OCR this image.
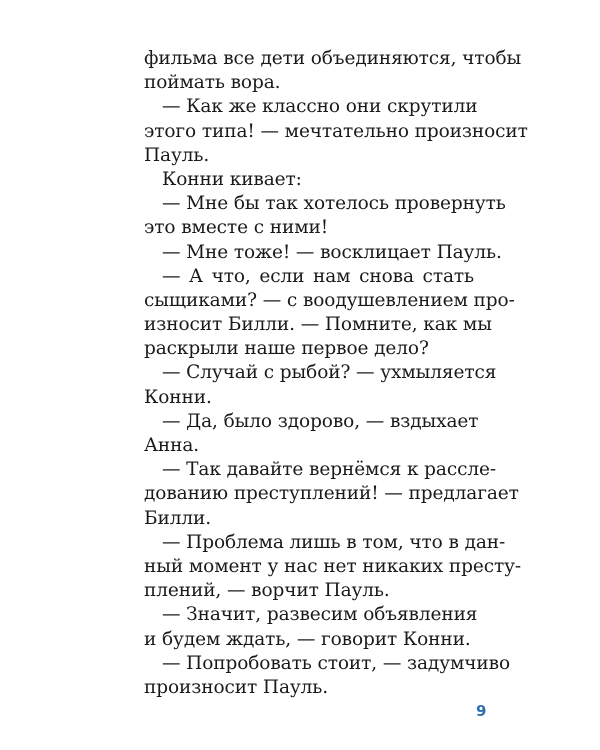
фильма все дети объединяются, чтобы
поймать вора.
— Как же классно они скрутили
этого типа! — мечтательно произносит
Пауль.
Конни кивает:
— Мне бы так хотелось провернуть
это вместе с ними!
— Мне тоже! — восклицает Пауль.
— А что, если нам снова стать
сыщиками? — с воодушевлением про-
износит Билли. — Помните, как мы
раскрыли наше первое дело?
— Случай с рыбой? — ухмыляется
Конни.
— Да, было здорово, — вздыхает
Анна.
— Так давайте вернёмся к рассле-
дованию преступлений! — предлагает
Билли.
— Проблема лишь в том, что в дан-
ный момент у нас нет никаких престу-
плений, — ворчит Пауль.
— Значит, развесим объявления
и будем ждать, — говорит Конни.
— Попробовать стоит, — задумчиво
произносит Пауль.
9
